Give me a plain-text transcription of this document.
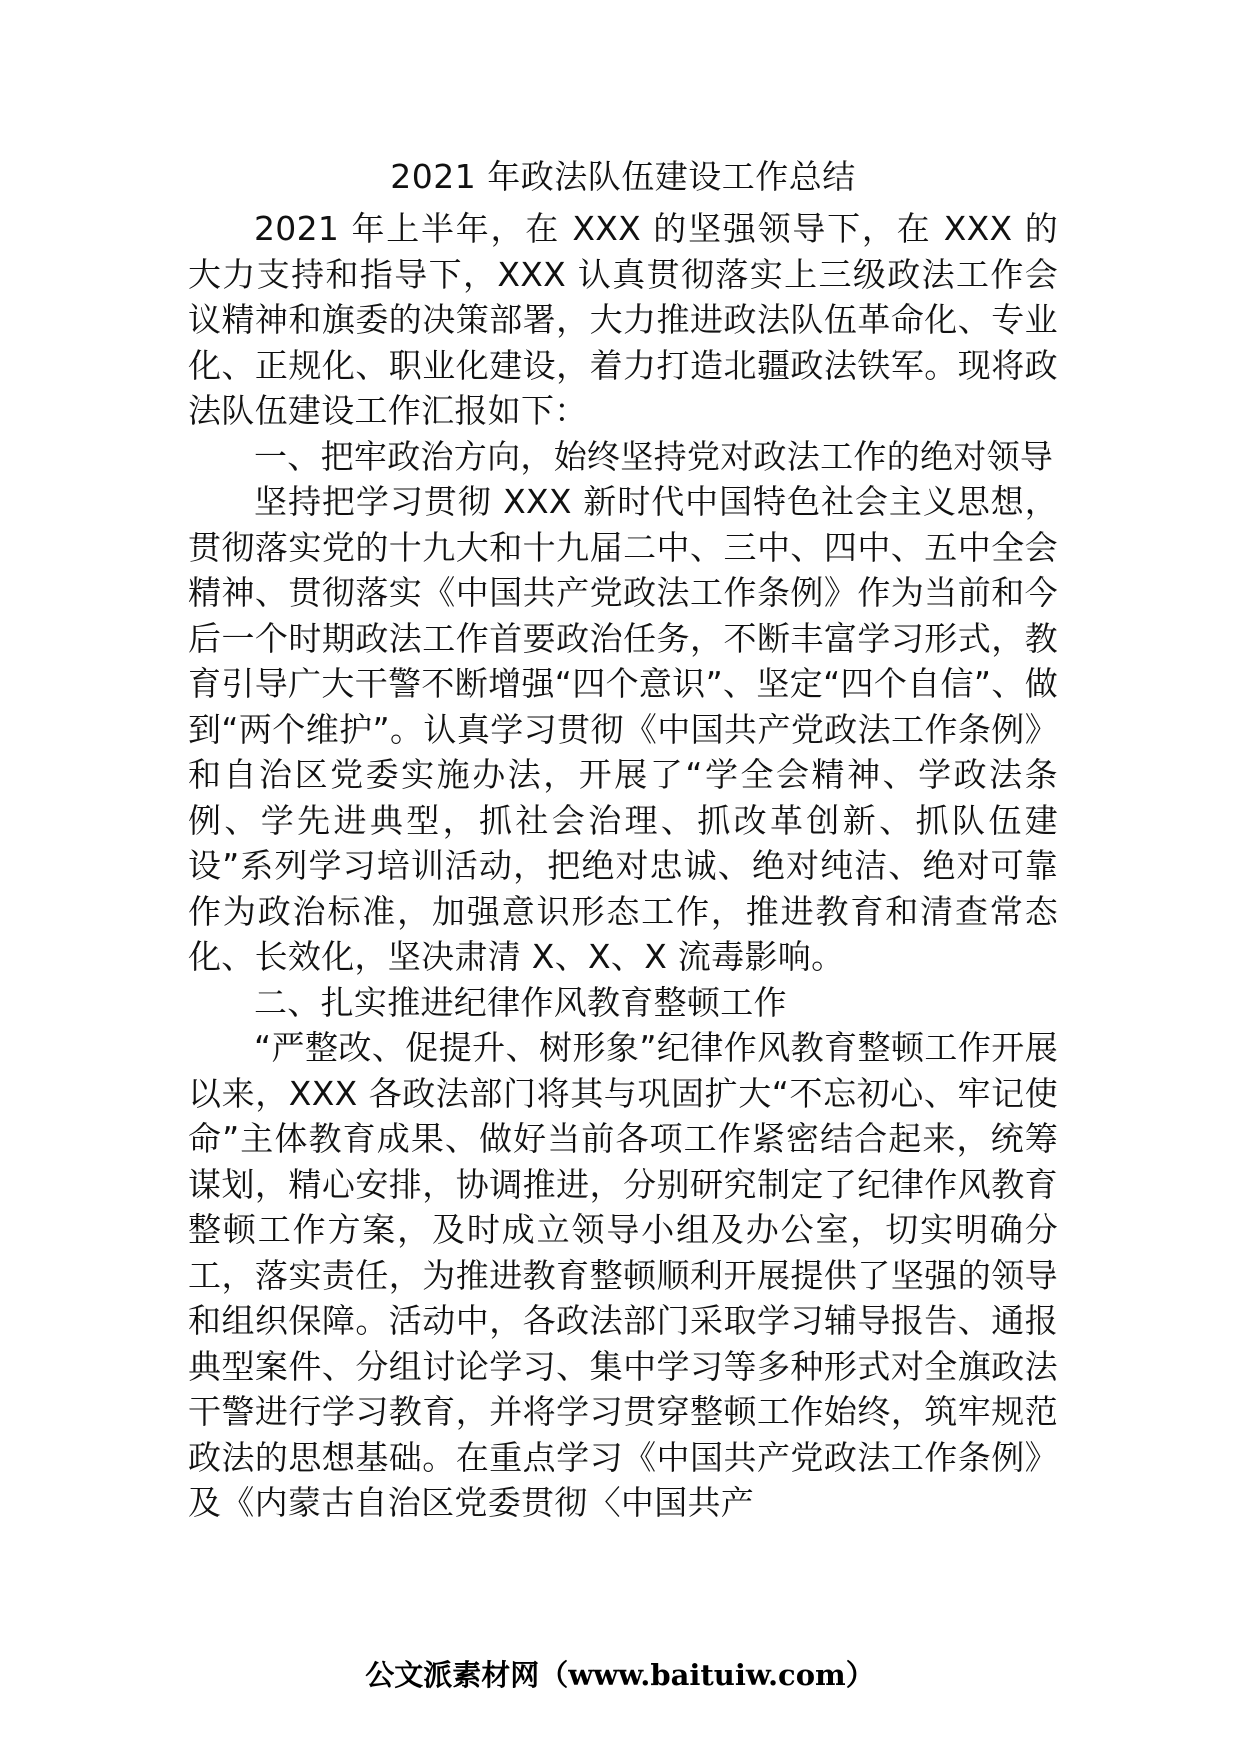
2021 年政法队伍建设工作总结

2021 年上半年，在 XXX 的坚强领导下，在 XXX 的大力支持和指导下，XXX 认真贯彻落实上三级政法工作会议精神和旗委的决策部署，大力推进政法队伍革命化、专业化、正规化、职业化建设，着力打造北疆政法铁军。现将政法队伍建设工作汇报如下：

一、把牢政治方向，始终坚持党对政法工作的绝对领导

坚持把学习贯彻 XXX 新时代中国特色社会主义思想，贯彻落实党的十九大和十九届二中、三中、四中、五中全会精神、贯彻落实《中国共产党政法工作条例》作为当前和今后一个时期政法工作首要政治任务，不断丰富学习形式，教育引导广大干警不断增强“四个意识”、坚定“四个自信”、做到“两个维护”。认真学习贯彻《中国共产党政法工作条例》和自治区党委实施办法，开展了“学全会精神、学政法条例、学先进典型，抓社会治理、抓改革创新、抓队伍建设”系列学习培训活动，把绝对忠诚、绝对纯洁、绝对可靠作为政治标准，加强意识形态工作，推进教育和清查常态化、长效化，坚决肃清 X、X、X 流毒影响。

二、扎实推进纪律作风教育整顿工作

“严整改、促提升、树形象”纪律作风教育整顿工作开展以来，XXX 各政法部门将其与巩固扩大“不忘初心、牢记使命”主体教育成果、做好当前各项工作紧密结合起来，统筹谋划，精心安排，协调推进，分别研究制定了纪律作风教育整顿工作方案，及时成立领导小组及办公室，切实明确分工，落实责任，为推进教育整顿顺利开展提供了坚强的领导和组织保障。活动中，各政法部门采取学习辅导报告、通报典型案件、分组讨论学习、集中学习等多种形式对全旗政法干警进行学习教育，并将学习贯穿整顿工作始终，筑牢规范政法的思想基础。在重点学习《中国共产党政法工作条例》及《内蒙古自治区党委贯彻〈中国共产

公文派素材网（www.baituiw.com）
